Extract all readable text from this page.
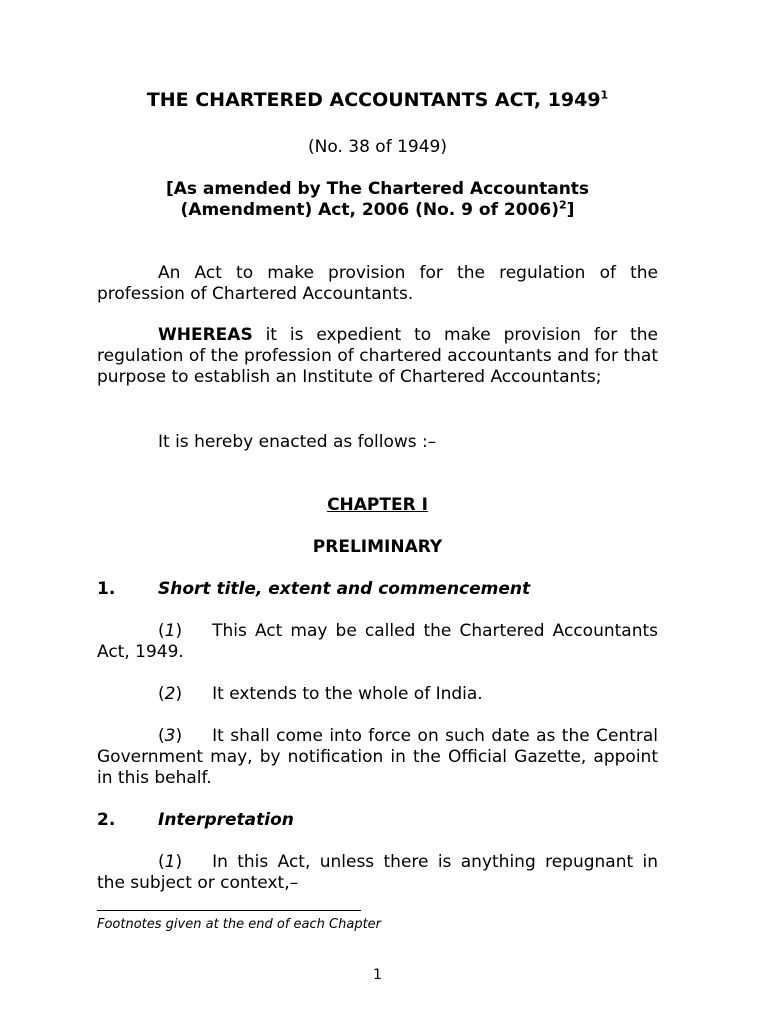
THE CHARTERED ACCOUNTANTS ACT, 1949$^1$
(No. 38 of 1949)
[As amended by The Chartered Accountants
(Amendment) Act, 2006 (No. 9 of 2006)$^2$]
An Act to make provision for the regulation of the profession of Chartered Accountants.
WHEREAS it is expedient to make provision for the regulation of the profession of chartered accountants and for that purpose to establish an Institute of Chartered Accountants;
It is hereby enacted as follows :–
CHAPTER I
PRELIMINARY
1.	Short title, extent and commencement
(1) This Act may be called the Chartered Accountants Act, 1949.
(2) It extends to the whole of India.
(3) It shall come into force on such date as the Central Government may, by notification in the Official Gazette, appoint in this behalf.
2.	Interpretation
(1) In this Act, unless there is anything repugnant in the subject or context,–
Footnotes given at the end of each Chapter
1
